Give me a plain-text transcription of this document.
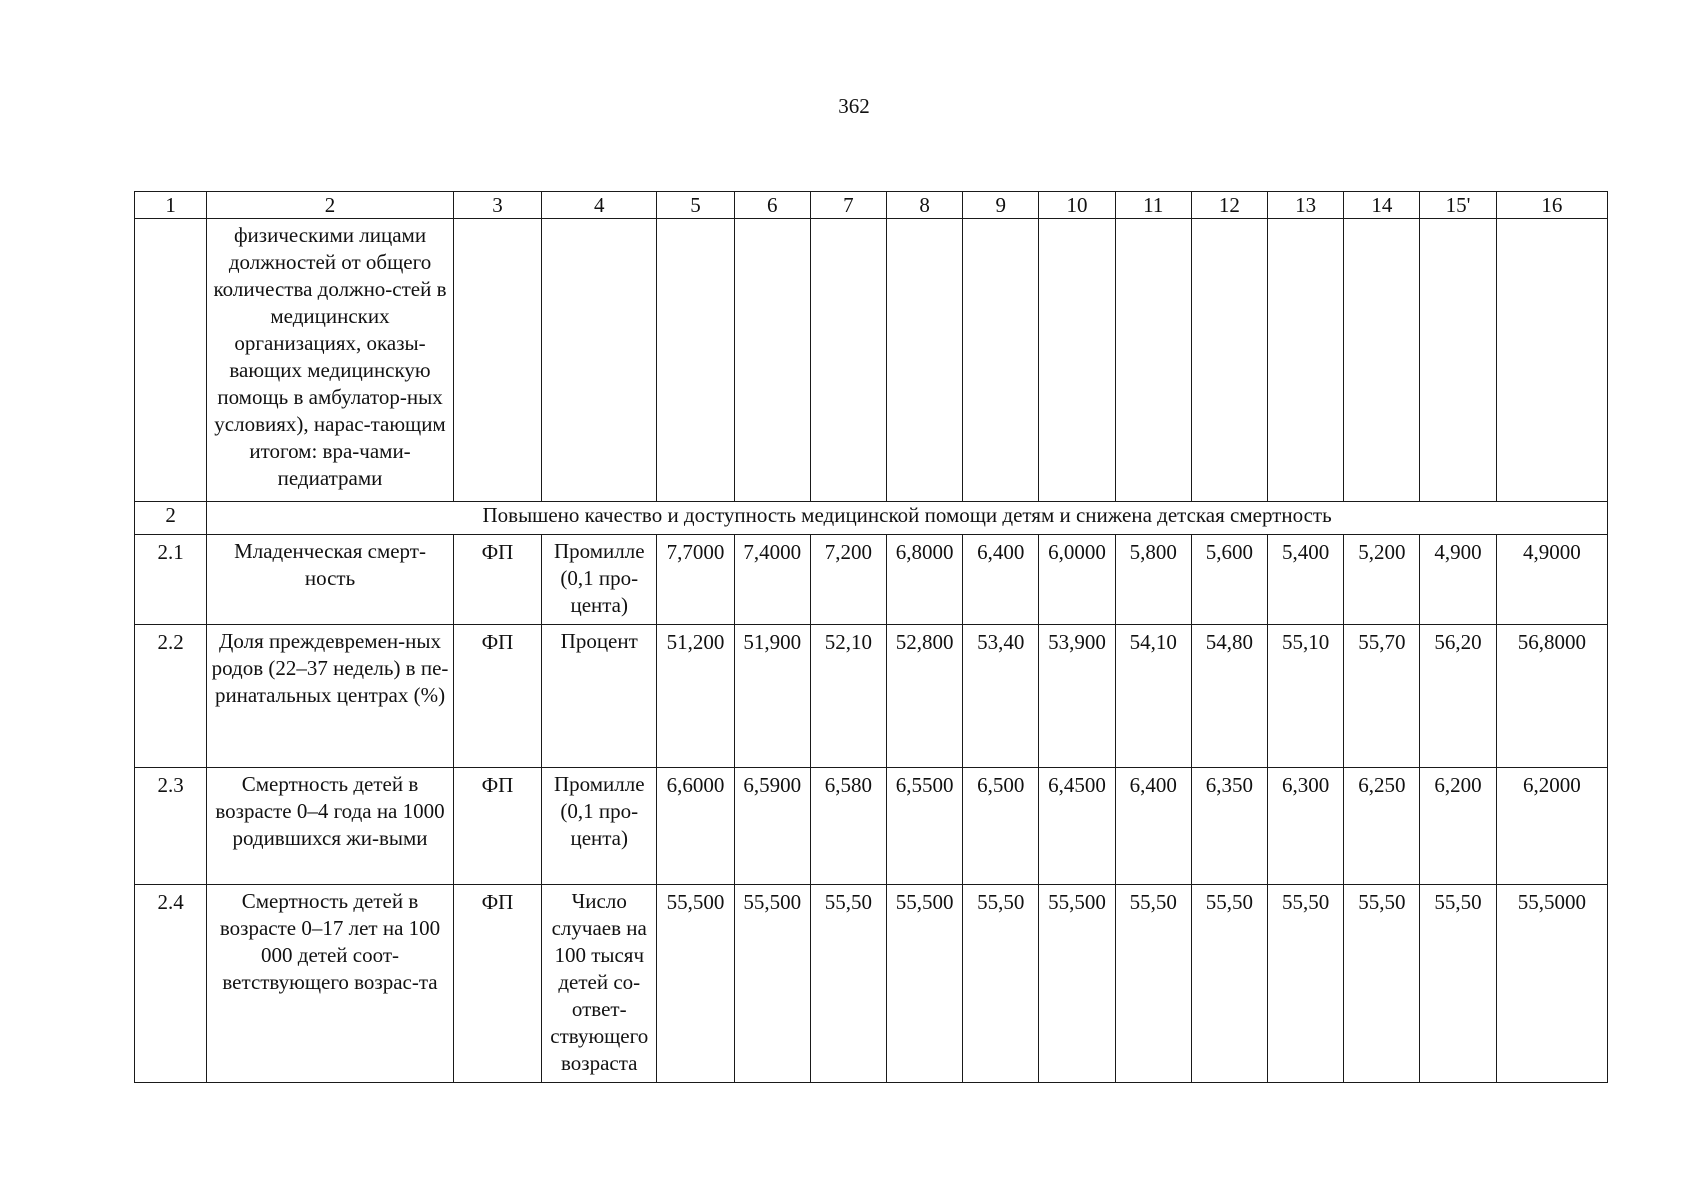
362
1	2	3	4	5	6	7	8	9	10	11	12	13	14	15'	16

	физическими лицами должностей от общего количества должно-стей в медицинских организациях, оказы-вающих медицинскую помощь в амбулатор-ных условиях), нарас-тающим итогом: вра-чами-педиатрами														

2	Повышено качество и доступность медицинской помощи детям и снижена детская смертность														

2.1	Младенческая смерт-ность	ФП	Промилле (0,1 про-цента)	7,7000	7,4000	7,200	6,8000	6,400	6,0000	5,800	5,600	5,400	5,200	4,900	4,9000

2.2	Доля преждевремен-ных родов (22–37 недель) в пе-ринатальных центрах (%)	ФП	Процент	51,200	51,900	52,10	52,800	53,40	53,900	54,10	54,80	55,10	55,70	56,20	56,8000

2.3	Смертность детей в возрасте 0–4 года на 1000 родившихся жи-выми	ФП	Промилле (0,1 про-цента)	6,6000	6,5900	6,580	6,5500	6,500	6,4500	6,400	6,350	6,300	6,250	6,200	6,2000

2.4	Смертность детей в возрасте 0–17 лет на 100 000 детей соот-ветствующего возрас-та	ФП	Число случаев на 100 тысяч детей со-ответ-ствующего возраста	55,500	55,500	55,50	55,500	55,50	55,500	55,50	55,50	55,50	55,50	55,50	55,5000
